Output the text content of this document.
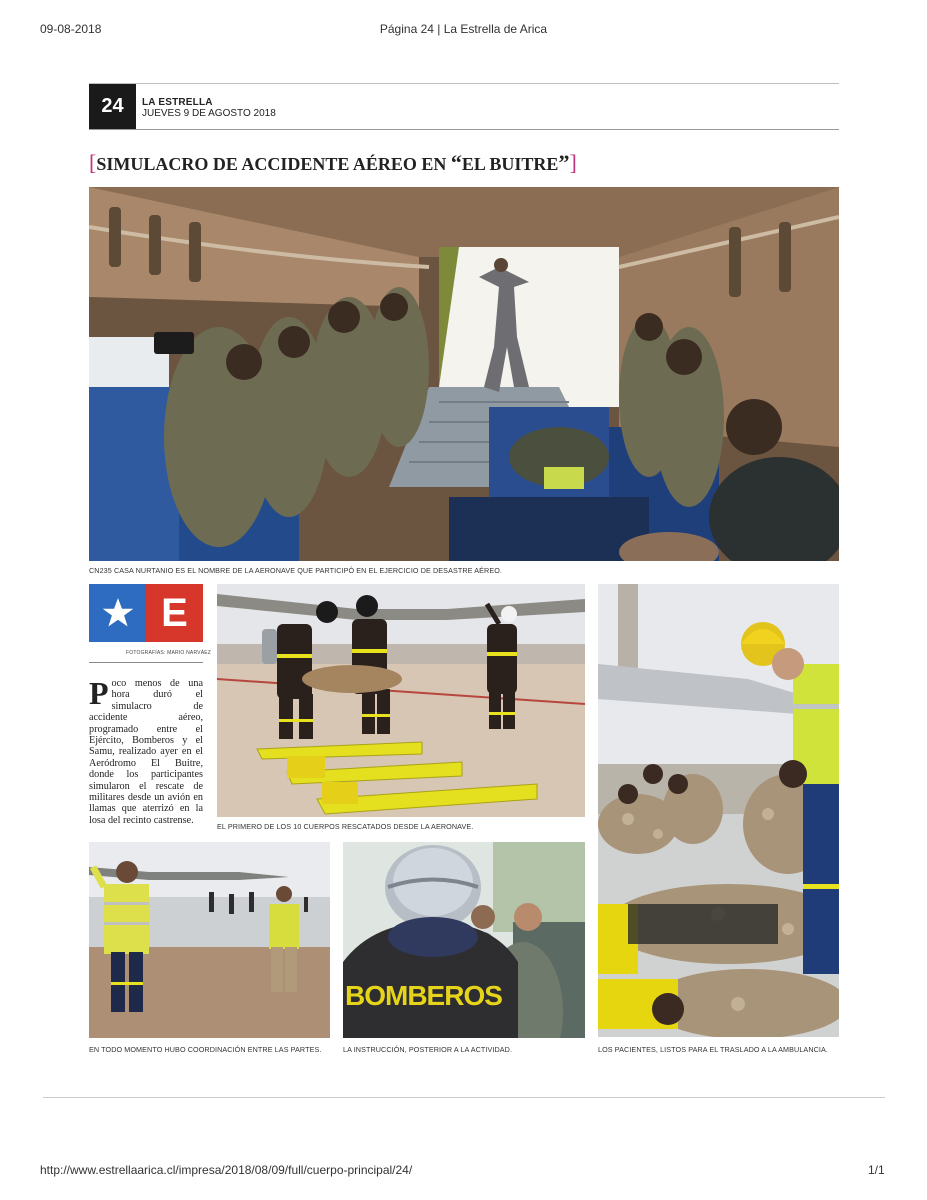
09-08-2018	Página 24 | La Estrella de Arica
24 LA ESTRELLA
JUEVES 9 DE AGOSTO 2018
[SIMULACRO DE ACCIDENTE AÉREO EN “EL BUITRE”]
CN235 CASA NURTANIO ES EL NOMBRE DE LA AERONAVE QUE PARTICIPÓ EN EL EJERCICIO DE DESASTRE AÉREO.
E
FOTOGRAFÍAS: MARIO NARVÁEZ
Poco menos de una hora duró el simulacro de accidente aéreo, programado entre el Ejército, Bomberos y el Samu, realizado ayer en el Aeródromo El Buitre, donde los participantes simularon el rescate de militares desde un avión en llamas que aterrizó en la losa del recinto castrense.
EL PRIMERO DE LOS 10 CUERPOS RESCATADOS DESDE LA AERONAVE.
EN TODO MOMENTO HUBO COORDINACIÓN ENTRE LAS PARTES.
BOMBEROS
LA INSTRUCCIÓN, POSTERIOR A LA ACTIVIDAD.	LOS PACIENTES, LISTOS PARA EL TRASLADO A LA AMBULANCIA.
http://www.estrellaarica.cl/impresa/2018/08/09/full/cuerpo-principal/24/	1/1
